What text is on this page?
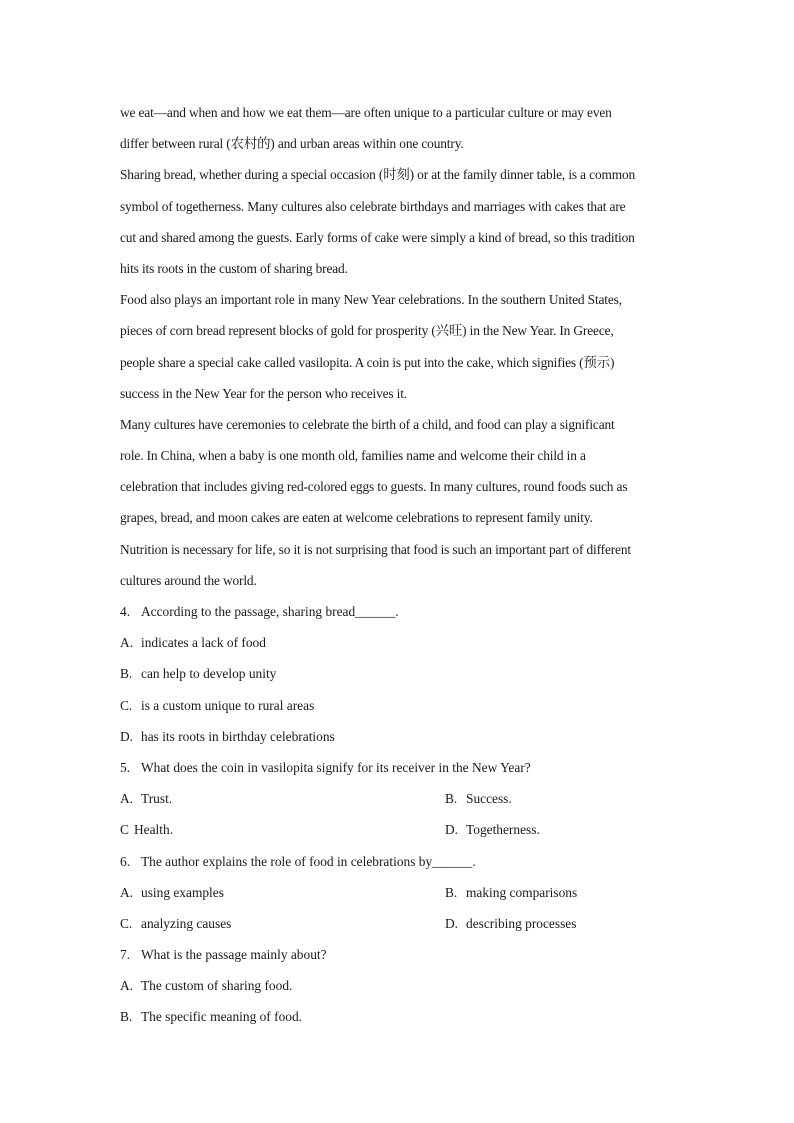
we eat—and when and how we eat them—are often unique to a particular culture or may even
differ between rural (农村的) and urban areas within one country.
Sharing bread, whether during a special occasion (时刻) or at the family dinner table, is a common
symbol of togetherness. Many cultures also celebrate birthdays and marriages with cakes that are
cut and shared among the guests. Early forms of cake were simply a kind of bread, so this tradition
hits its roots in the custom of sharing bread.
Food also plays an important role in many New Year celebrations. In the southern United States,
pieces of corn bread represent blocks of gold for prosperity (兴旺) in the New Year. In Greece,
people share a special cake called vasilopita. A coin is put into the cake, which signifies (预示)
success in the New Year for the person who receives it.
Many cultures have ceremonies to celebrate the birth of a child, and food can play a significant
role. In China, when a baby is one month old, families name and welcome their child in a
celebration that includes giving red-colored eggs to guests. In many cultures, round foods such as
grapes, bread, and moon cakes are eaten at welcome celebrations to represent family unity.
Nutrition is necessary for life, so it is not surprising that food is such an important part of different
cultures around the world.
4. According to the passage, sharing bread______.
A. indicates a lack of food
B. can help to develop unity
C. is a custom unique to rural areas
D. has its roots in birthday celebrations
5. What does the coin in vasilopita signify for its receiver in the New Year?
A. Trust.	B. Success.
C Health.	D. Togetherness.
6. The author explains the role of food in celebrations by______.
A. using examples	B. making comparisons
C. analyzing causes	D. describing processes
7. What is the passage mainly about?
A. The custom of sharing food.
B. The specific meaning of food.
